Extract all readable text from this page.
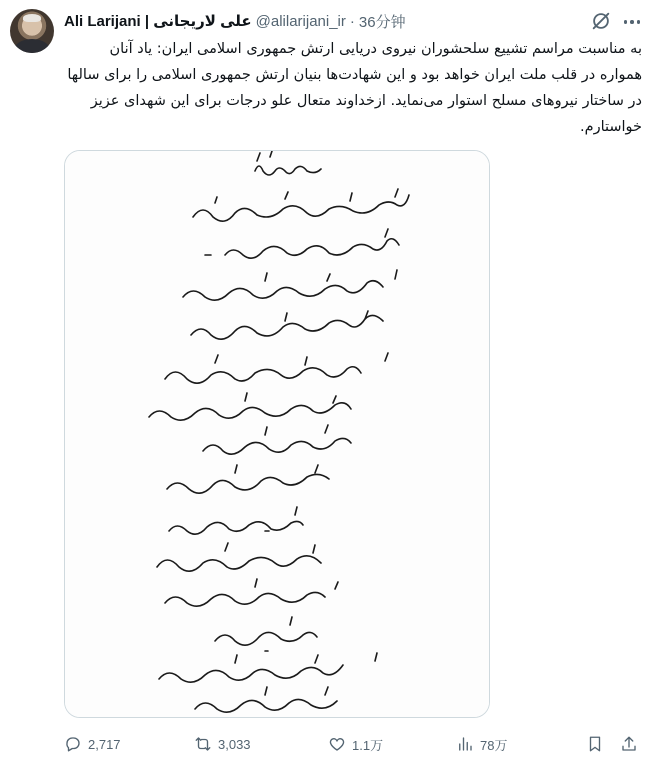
Ali Larijani | علی لاریجانی @alilarijani_ir · 36分钟
به مناسبت مراسم تشییع سلحشوران نیروی دریایی ارتش جمهوری اسلامی ایران: یاد آنان همواره در قلب ملت ایران خواهد بود و این شهادت‌ها بنیان ارتش جمهوری اسلامی را برای سالها در ساختار نیروهای مسلح استوار می‌نماید. ازخداوند متعال علو درجات برای این شهدای عزیز خواستارم.
2,717	3,033	1.1万	78万
